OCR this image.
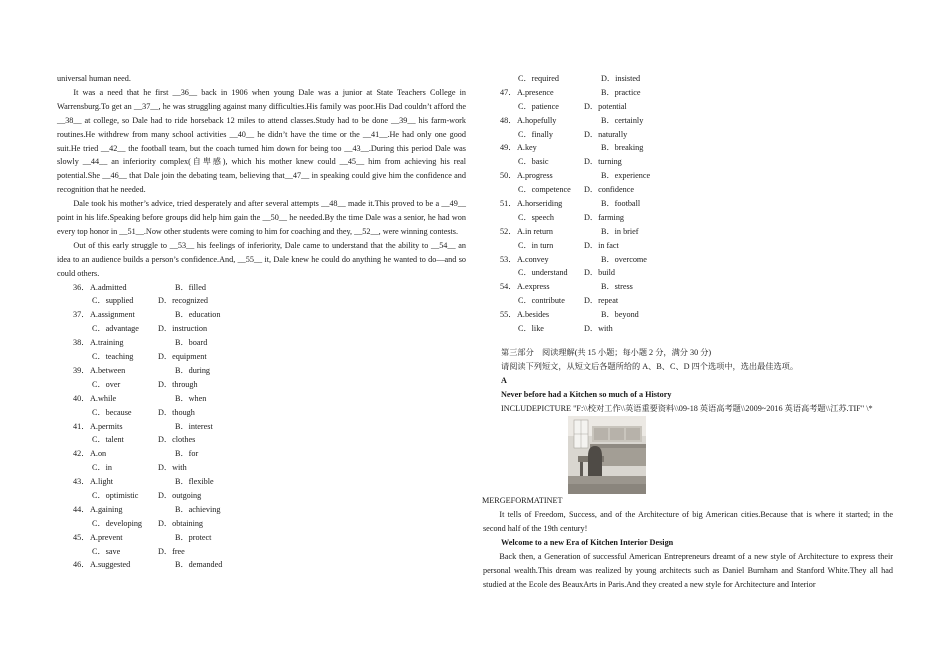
universal human need.

It was a need that he first __36__ back in 1906 when young Dale was a junior at State Teachers College in Warrensburg.To get an __37__, he was struggling against many difficulties.His family was poor.His Dad couldn’t afford the __38__ at college, so Dale had to ride horseback 12 miles to attend classes.Study had to be done __39__ his farm-work routines.He withdrew from many school activities __40__ he didn’t have the time or the __41__.He had only one good suit.He tried __42__ the football team, but the coach turned him down for being too __43__.During this period Dale was slowly __44__ an inferiority complex(自卑感), which his mother knew could __45__ him from achieving his real potential.She __46__ that Dale join the debating team, believing that__47__ in speaking could give him the confidence and recognition that he needed.

Dale took his mother’s advice, tried desperately and after several attempts __48__ made it.This proved to be a __49__ point in his life.Speaking before groups did help him gain the __50__ he needed.By the time Dale was a senior, he had won every top honor in __51__.Now other students were coming to him for coaching and they, __52__, were winning contests.

Out of this early struggle to __53__ his feelings of inferiority, Dale came to understand that the ability to __54__ an idea to an audience builds a person’s confidence.And, __55__ it, Dale knew he could do anything he wanted to do—and so could others.

36． A.admitted	B．filled
C．supplied	D．recognized
37． A.assignment	B．education
C．advantage D．instruction
38． A.training	B．board
C．teaching	D．equipment
39． A.between	B．during
C．over	D．through
40． A.while	B．when
C．because	D．though
41． A.permits	B．interest
C．talent	D．clothes
42． A.on	B．for
C．in	D．with
43． A.light	B．flexible
C．optimistic D．outgoing
44． A.gaining	B．achieving
C．developing D．obtaining
45． A.prevent	B．protect
C．save	D．free
46． A.suggested	B．demanded
C．required	D．insisted
47． A.presence	B．practice
C．patience	D．potential
48． A.hopefully	B．certainly
C．finally	D．naturally
49． A.key	B．breaking
C．basic	D．turning
50． A.progress	B．experience
C．competence D．confidence
51． A.horseriding	B．football
C．speech	D．farming
52． A.in return	B．in brief
C．in turn	D．in fact
53． A.convey	B．overcome
C．understand D．build
54． A.express	B．stress
C．contribute D．repeat
55． A.besides	B．beyond
C．like	D．with

第三部分　阅读理解(共 15 小题；每小题 2 分，满分 30 分)

请阅读下列短文，从短文后各题所给的 A、B、C、D 四个选项中，选出最佳选项。

A

Never before had a Kitchen so much of a History

INCLUDEPICTURE "F:\\校对工作\\英语重要资料\\09-18 英语高考题\\2009~2016 英语高考题\\江苏.TIF" \*

MERGEFORMATINET

It tells of Freedom, Success, and of the Architecture of big American cities.Because that is where it started; in the second half of the 19th century!

Welcome to a new Era of Kitchen Interior Design

Back then, a Generation of successful American Entrepreneurs dreamt of a new style of Architecture to express their personal wealth.This dream was realized by young architects such as Daniel Burnham and Stanford White.They all had studied at the Ecole des BeauxArts in Paris.And they created a new style for Architecture and Interior
